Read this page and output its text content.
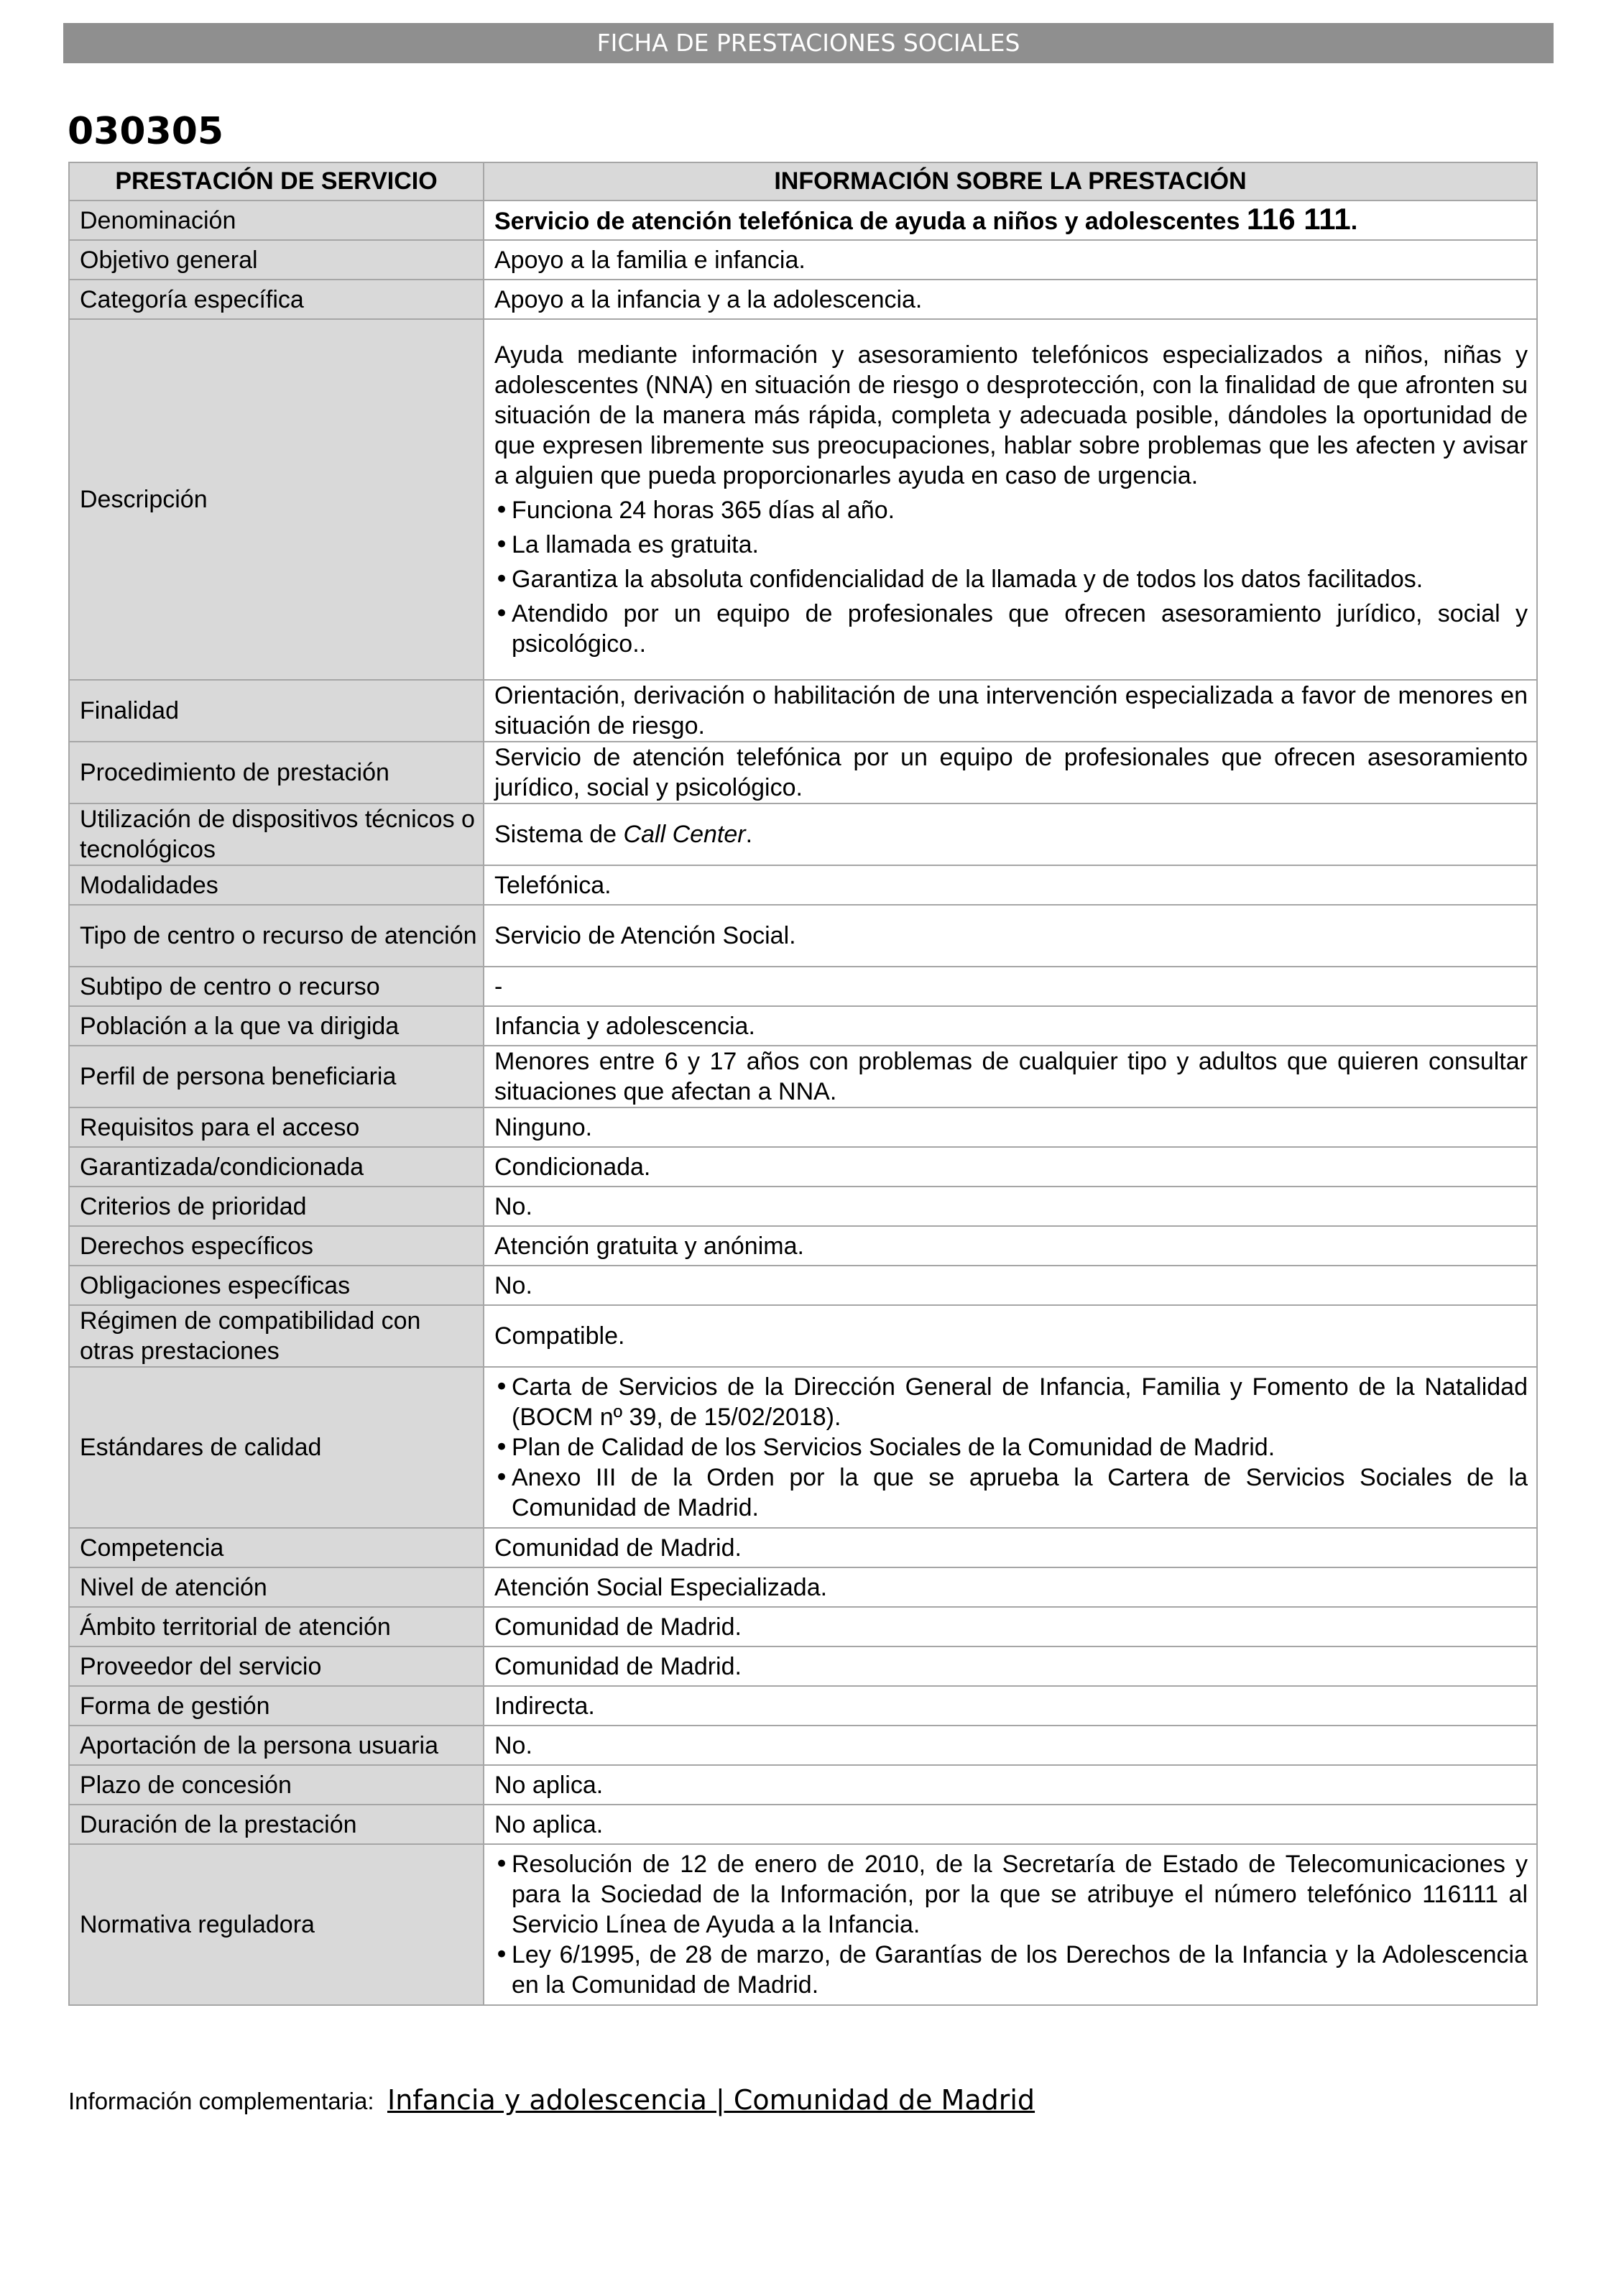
FICHA DE PRESTACIONES SOCIALES
030305
PRESTACIÓN DE SERVICIO	INFORMACIÓN SOBRE LA PRESTACIÓN
Denominación	Servicio de atención telefónica de ayuda a niños y adolescentes 116 111.
Objetivo general	Apoyo a la familia e infancia.
Categoría específica	Apoyo a la infancia y a la adolescencia.
Descripción	Ayuda mediante información y asesoramiento telefónicos especializados a niños, niñas y adolescentes (NNA) en situación de riesgo o desprotección, con la finalidad de que afronten su situación de la manera más rápida, completa y adecuada posible, dándoles la oportunidad de que expresen libremente sus preocupaciones, hablar sobre problemas que les afecten y avisar a alguien que pueda proporcionarles ayuda en caso de urgencia.

• Funciona 24 horas 365 días al año.

• La llamada es gratuita.

• Garantiza la absoluta confidencialidad de la llamada y de todos los datos facilitados.

• Atendido por un equipo de profesionales que ofrecen asesoramiento jurídico, social y psicológico..

Finalidad	Orientación, derivación o habilitación de una intervención especializada a favor de menores en situación de riesgo.
Procedimiento de prestación	Servicio de atención telefónica por un equipo de profesionales que ofrecen asesoramiento jurídico, social y psicológico.
Utilización de dispositivos técnicos o tecnológicos	Sistema de Call Center.
Modalidades	Telefónica.
Tipo de centro o recurso de atención	Servicio de Atención Social.
Subtipo de centro o recurso	-
Población a la que va dirigida	Infancia y adolescencia.
Perfil de persona beneficiaria	Menores entre 6 y 17 años con problemas de cualquier tipo y adultos que quieren consultar situaciones que afectan a NNA.
Requisitos para el acceso	Ninguno.
Garantizada/condicionada	Condicionada.
Criterios de prioridad	No.
Derechos específicos	Atención gratuita y anónima.
Obligaciones específicas	No.
Régimen de compatibilidad con otras prestaciones	Compatible.
Estándares de calidad	• Carta de Servicios de la Dirección General de Infancia, Familia y Fomento de la Natalidad (BOCM nº 39, de 15/02/2018).

• Plan de Calidad de los Servicios Sociales de la Comunidad de Madrid.

• Anexo III de la Orden por la que se aprueba la Cartera de Servicios Sociales de la Comunidad de Madrid.

Competencia	Comunidad de Madrid.
Nivel de atención	Atención Social Especializada.
Ámbito territorial de atención	Comunidad de Madrid.
Proveedor del servicio	Comunidad de Madrid.
Forma de gestión	Indirecta.
Aportación de la persona usuaria	No.
Plazo de concesión	No aplica.
Duración de la prestación	No aplica.
Normativa reguladora	• Resolución de 12 de enero de 2010, de la Secretaría de Estado de Telecomunicaciones y para la Sociedad de la Información, por la que se atribuye el número telefónico 116111 al Servicio Línea de Ayuda a la Infancia.

• Ley 6/1995, de 28 de marzo, de Garantías de los Derechos de la Infancia y la Adolescencia en la Comunidad de Madrid.

Información complementaria: Infancia y adolescencia | Comunidad de Madrid
